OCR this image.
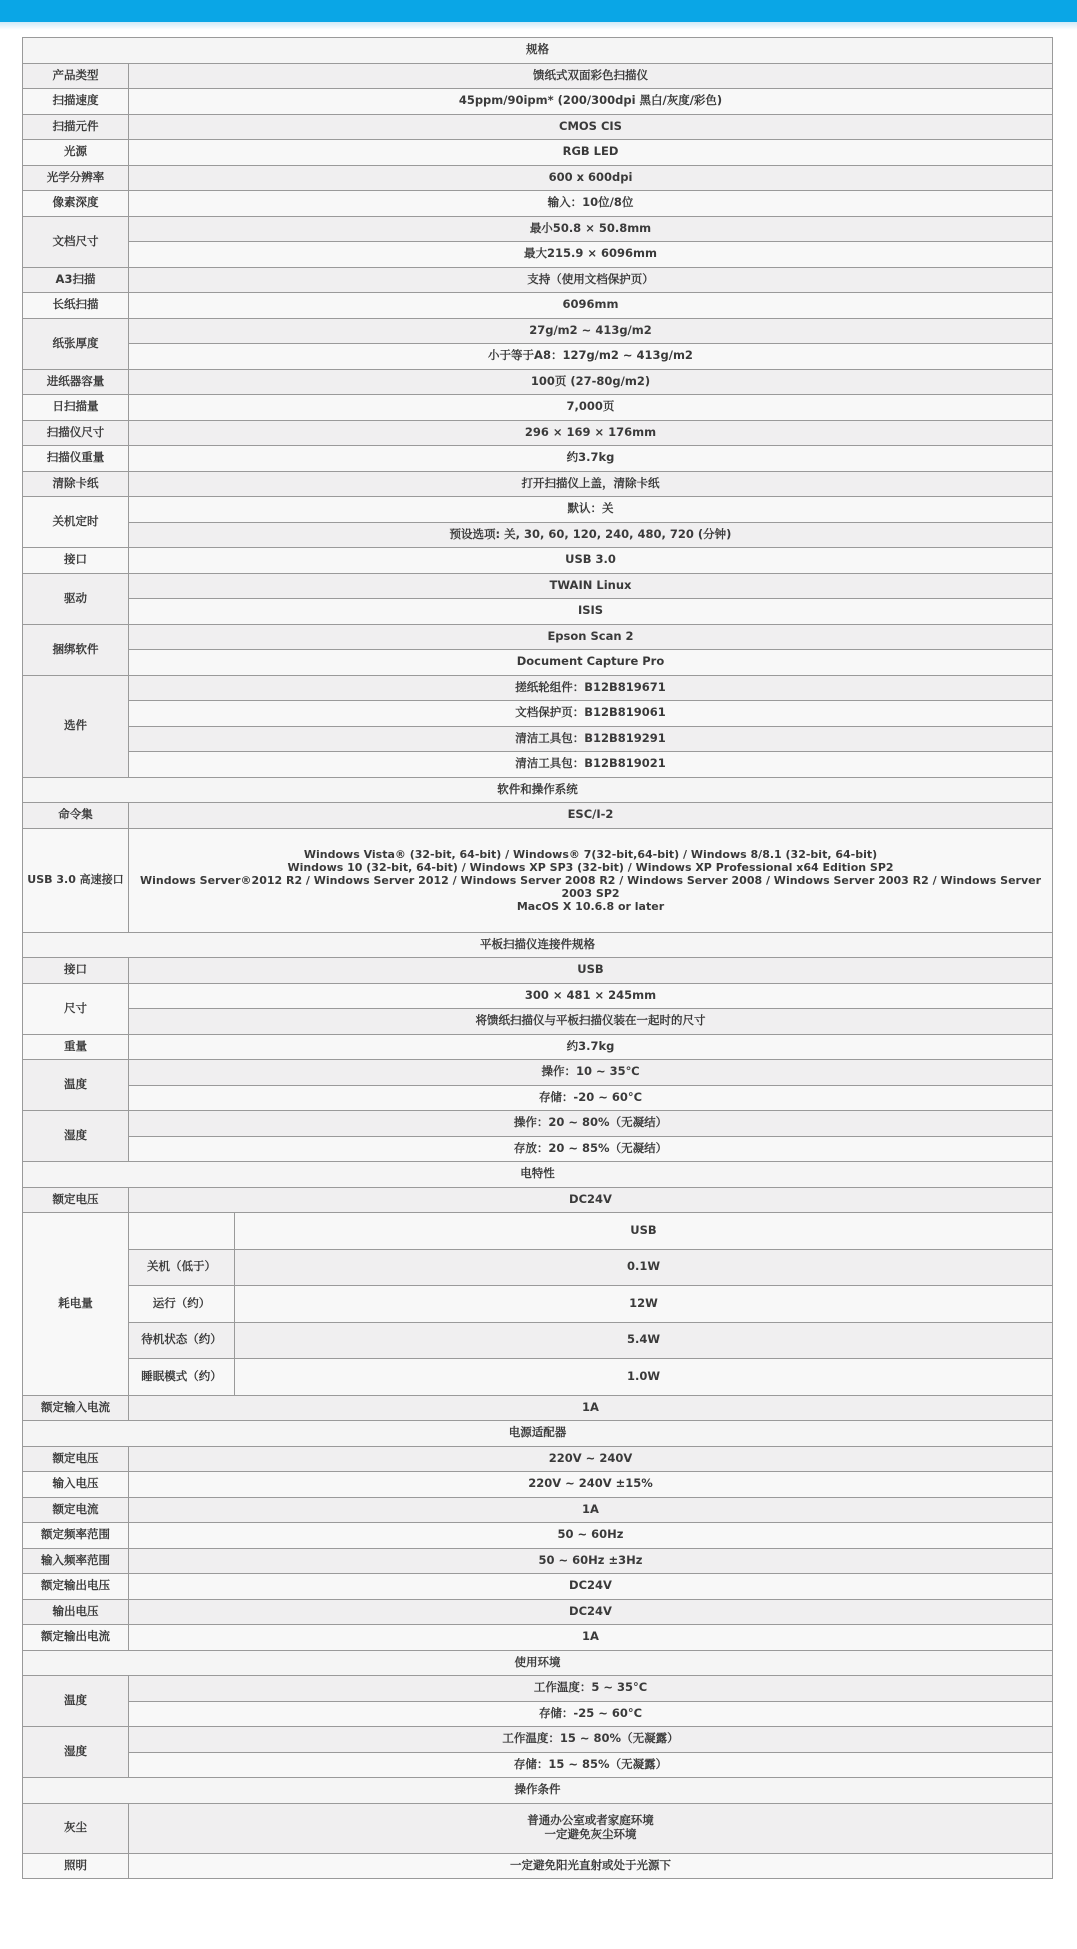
规格		
产品类型	馈纸式双面彩色扫描仪	
扫描速度	45ppm/90ipm* (200/300dpi 黑白/灰度/彩色)	
扫描元件	CMOS CIS	
光源	RGB LED	
光学分辨率	600 x 600dpi	
像素深度	输入：10位/8位	
文档尺寸	最小50.8 × 50.8mm	
	最大215.9 × 6096mm	
A3扫描	支持（使用文档保护页）	
长纸扫描	6096mm	
纸张厚度	27g/m2 ~ 413g/m2	
	小于等于A8：127g/m2 ~ 413g/m2	
进纸器容量	100页 (27-80g/m2)	
日扫描量	7,000页	
扫描仪尺寸	296 × 169 × 176mm	
扫描仪重量	约3.7kg	
清除卡纸	打开扫描仪上盖，清除卡纸	
关机定时	默认：关	
	预设选项: 关, 30, 60, 120, 240, 480, 720 (分钟)	
接口	USB 3.0	
驱动	TWAIN Linux	
	ISIS	
捆绑软件	Epson Scan 2	
	Document Capture Pro	
选件	搓纸轮组件：B12B819671	
	文档保护页：B12B819061	
	清洁工具包：B12B819291	
	清洁工具包：B12B819021	
软件和操作系统		
命令集	ESC/I-2	
USB 3.0 高速接口	Windows Vista® (32-bit, 64-bit) / Windows® 7(32-bit,64-bit) / Windows 8/8.1 (32-bit, 64-bit)
Windows 10 (32-bit, 64-bit) / Windows XP SP3 (32-bit) / Windows XP Professional x64 Edition SP2
Windows Server®2012 R2 / Windows Server 2012 / Windows Server 2008 R2 / Windows Server 2008 / Windows Server 2003 R2 / Windows Server 2003 SP2
MacOS X 10.6.8 or later	

平板扫描仪连接件规格		
接口	USB	
尺寸	300 × 481 × 245mm	
	将馈纸扫描仪与平板扫描仪装在一起时的尺寸	
重量	约3.7kg	
温度	操作：10 ~ 35℃	
	存储：-20 ~ 60°C	
湿度	操作：20 ~ 80%（无凝结）	
	存放：20 ~ 85%（无凝结）	
电特性		
额定电压	DC24V	
耗电量		USB
	关机（低于）	0.1W
	运行（约）	12W
	待机状态（约）	5.4W
	睡眠模式（约）	1.0W
额定输入电流	1A	
电源适配器		
额定电压	220V ~ 240V	
输入电压	220V ~ 240V ±15%	
额定电流	1A	
额定频率范围	50 ~ 60Hz	
输入频率范围	50 ~ 60Hz ±3Hz	
额定输出电压	DC24V	
输出电压	DC24V	
额定输出电流	1A	
使用环境		
温度	工作温度：5 ~ 35°C	
	存储：-25 ~ 60°C	
湿度	工作温度：15 ~ 80%（无凝露）	
	存储：15 ~ 85%（无凝露）	
操作条件		
灰尘	普通办公室或者家庭环境
一定避免灰尘环境	

照明	一定避免阳光直射或处于光源下	
